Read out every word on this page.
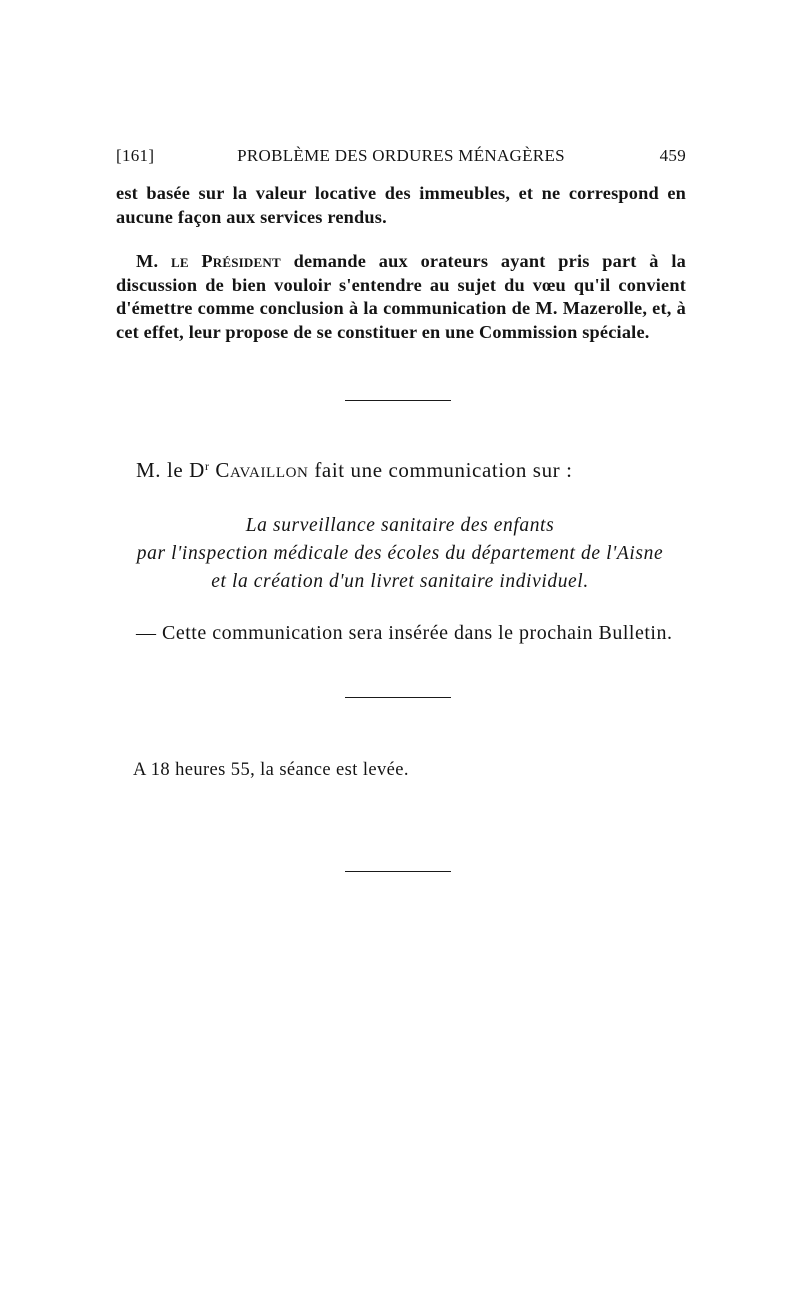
[161]	PROBLÈME DES ORDURES MÉNAGÈRES	459
est basée sur la valeur locative des immeubles, et ne correspond en aucune façon aux services rendus.
M. le Président demande aux orateurs ayant pris part à la discussion de bien vouloir s'entendre au sujet du vœu qu'il convient d'émettre comme conclusion à la communication de M. Mazerolle, et, à cet effet, leur propose de se constituer en une Commission spéciale.
M. le $D^r$ Cavaillon fait une communication sur :
La surveillance sanitaire des enfants
par l'inspection médicale des écoles du département de l'Aisne
et la création d'un livret sanitaire individuel.
— Cette communication sera insérée dans le prochain Bulletin.
A 18 heures 55, la séance est levée.
